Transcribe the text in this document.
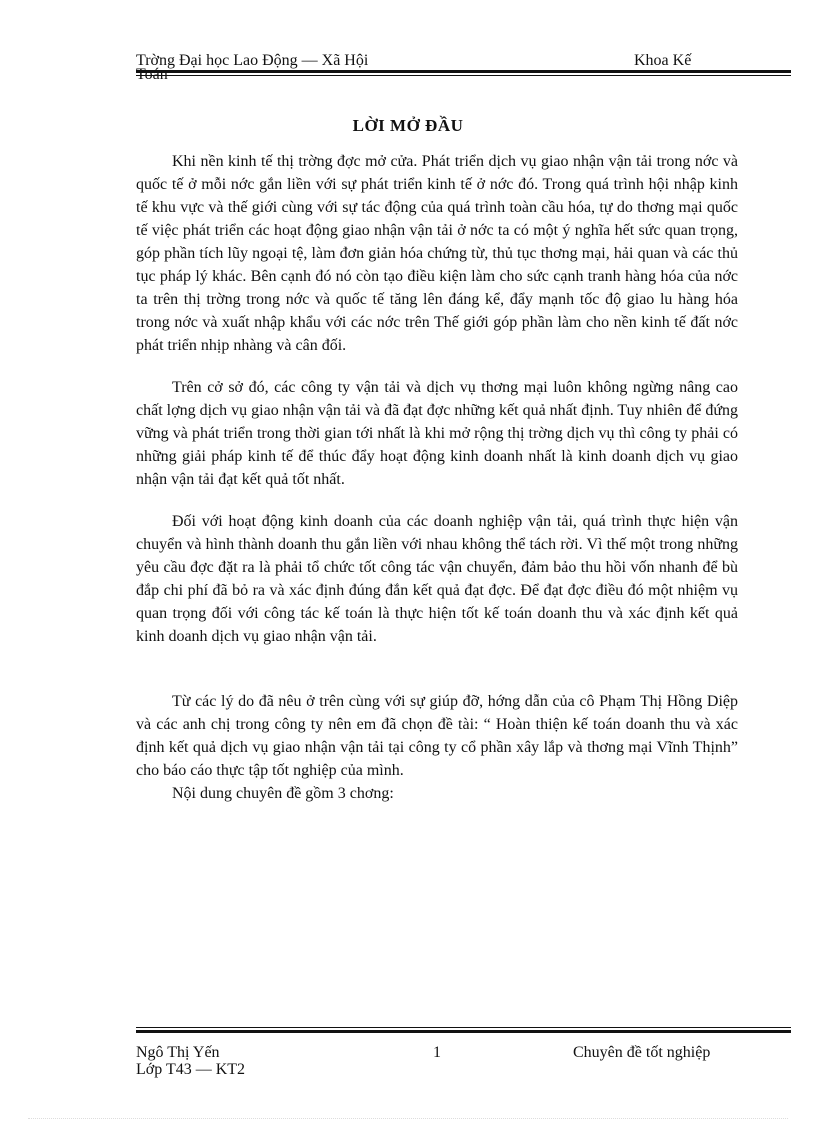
Trờng Đại học Lao Động — Xã Hội	Khoa Kế
LỜI MỞ ĐẦU

Khi nền kinh tế thị trờng đợc mở cửa. Phát triển dịch vụ giao nhận vận tải trong nớc và quốc tế ở mỗi nớc gắn liền với sự phát triển kinh tế ở nớc đó. Trong quá trình hội nhập kinh tế khu vực và thế giới cùng với sự tác động của quá trình toàn cầu hóa, tự do thơng mại quốc tế việc phát triển các hoạt động giao nhận vận tải ở nớc ta có một ý nghĩa hết sức quan trọng, góp phần tích lũy ngoại tệ, làm đơn giản hóa chứng từ, thủ tục thơng mại, hải quan và các thủ tục pháp lý khác. Bên cạnh đó nó còn tạo điều kiện làm cho sức cạnh tranh hàng hóa của nớc ta trên thị trờng trong nớc và quốc tế tăng lên đáng kể, đẩy mạnh tốc độ giao lu hàng hóa trong nớc và xuất nhập khẩu với các nớc trên Thế giới góp phần làm cho nền kinh tế đất nớc phát triển nhịp nhàng và cân đối.

Trên cở sở đó, các công ty vận tải và dịch vụ thơng mại luôn không ngừng nâng cao chất lợng dịch vụ giao nhận vận tải và đã đạt đợc những kết quả nhất định. Tuy nhiên để đứng vững và phát triển trong thời gian tới nhất là khi mở rộng thị trờng dịch vụ thì công ty phải có những giải pháp kinh tế để thúc đẩy hoạt động kinh doanh nhất là kinh doanh dịch vụ giao nhận vận tải đạt kết quả tốt nhất.

Đối với hoạt động kinh doanh của các doanh nghiệp vận tải, quá trình thực hiện vận chuyển và hình thành doanh thu gắn liền với nhau không thể tách rời. Vì thế một trong những yêu cầu đợc đặt ra là phải tổ chức tốt công tác vận chuyển, đảm bảo thu hồi vốn nhanh để bù đắp chi phí đã bỏ ra và xác định đúng đắn kết quả đạt đợc. Để đạt đợc điều đó một nhiệm vụ quan trọng đối với công tác kế toán là thực hiện tốt kế toán doanh thu và xác định kết quả kinh doanh dịch vụ giao nhận vận tải.

Từ các lý do đã nêu ở trên cùng với sự giúp đỡ, hớng dẫn của cô Phạm Thị Hồng Diệp và các anh chị trong công ty nên em đã chọn đề tài: “ Hoàn thiện kế toán doanh thu và xác định kết quả dịch vụ giao nhận vận tải tại công ty cổ phần xây lắp và thơng mại Vĩnh Thịnh” cho báo cáo thực tập tốt nghiệp của mình.

Nội dung chuyên đề gồm 3 chơng:

Ngô Thị Yến
Lớp T43 — KT2
1	Chuyên đề tốt nghiệp
